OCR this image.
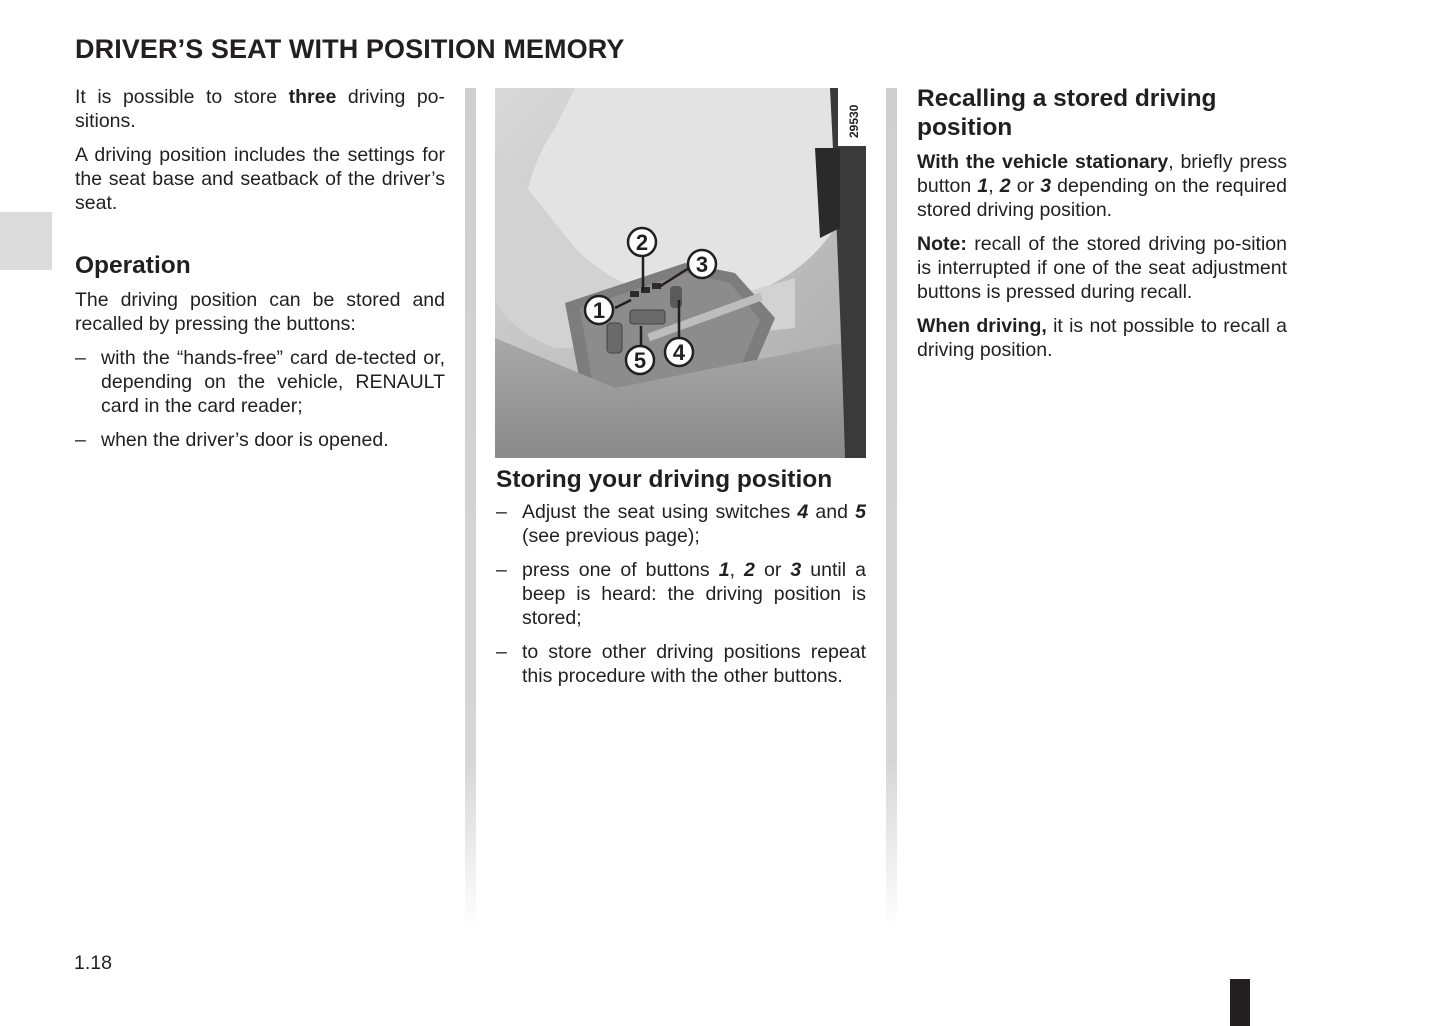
DRIVER’S SEAT WITH POSITION MEMORY

It is possible to store three driving po-sitions.

A driving position includes the settings for the seat base and seatback of the driver’s seat.

Operation

The driving position can be stored and recalled by pressing the buttons:

– with the “hands-free” card de-tected or, depending on the vehicle, RENAULT card in the card reader;
– when the driver’s door is opened.
1
2
3
4
5
29530
Storing your driving position
– Adjust the seat using switches 4 and 5 (see previous page);
– press one of buttons 1, 2 or 3 until a beep is heard: the driving position is stored;
– to store other driving positions repeat this procedure with the other buttons.
Recalling a stored driving position

With the vehicle stationary, briefly press button 1, 2 or 3 depending on the required stored driving position.

Note: recall of the stored driving po-sition is interrupted if one of the seat adjustment buttons is pressed during recall.

When driving, it is not possible to recall a driving position.

1.18
